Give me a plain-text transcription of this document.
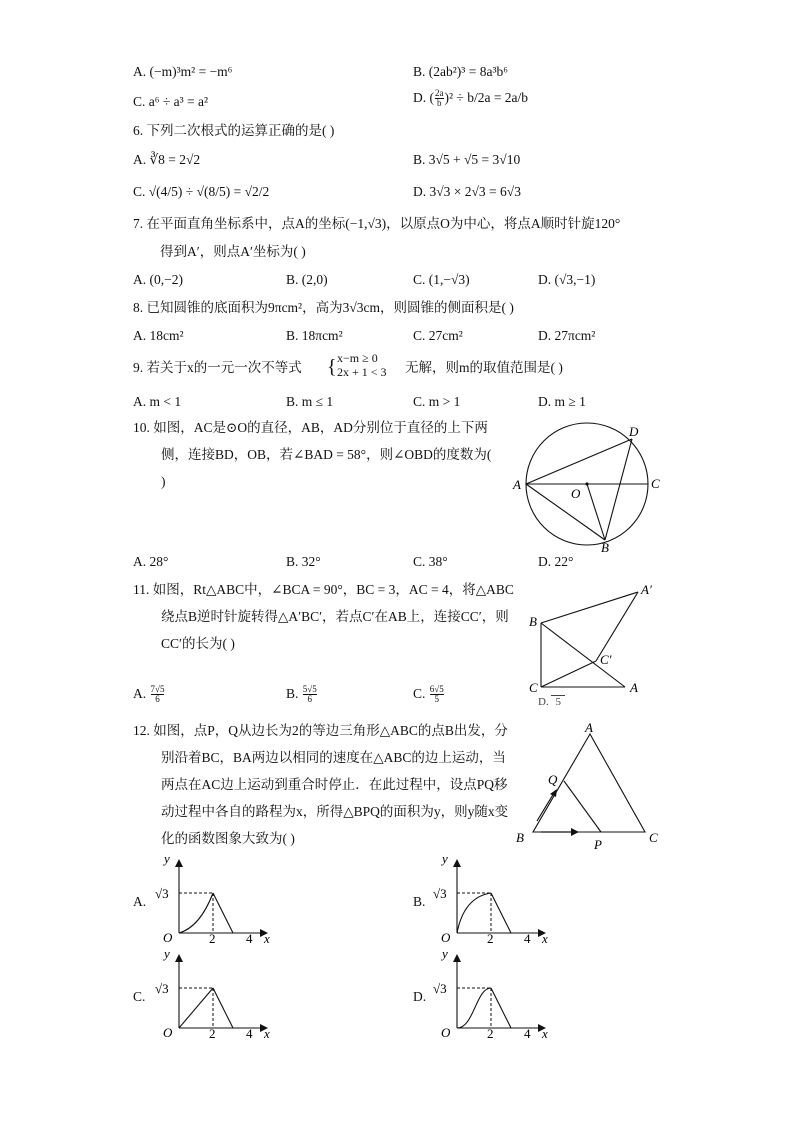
A. (−m)³m² = −m⁶	B. (2ab²)³ = 8a³b⁶
C. a⁶ ÷ a³ = a²	D. ( $\frac{2a}{b} )^2 \div b/2a = 2a/b$
6. 下列二次根式的运算正确的是( )
A. ∛8 = 2√2	B. 3√5 + √5 = 3√10
C. √(4/5) ÷ √(8/5) = √2/2	D. 3√3 × 2√3 = 6√3
7. 在平面直角坐标系中，点A的坐标(−1,√3)，以原点O为中心，将点A顺时针旋120°
得到A′，则点A′坐标为( )
A. (0,−2)	B. (2,0)	C. (1,−√3)	D. (√3,−1)
8. 已知圆锥的底面积为9πcm²，高为3√3cm，则圆锥的侧面积是( )
A. 18cm²	B. 18πcm²	C. 27cm²	D. 27πcm²
9. 若关于x的一元一次不等式 { x−m ≥ 0
2x + 1 < 3 无解，则m的取值范围是( )
A. m < 1	B. m ≤ 1	C. m > 1	D. m ≥ 1
10. 如图，AC是⊙O的直径，AB，AD分别位于直径的上下两侧，连接BD，OB，若∠BAD = 58°，则∠OBD的度数为( )	A	C
D
B
O
A. 28°	B. 32°	C. 38°	D. 22°
11. 如图，Rt△ABC中，∠BCA = 90°，BC = 3，AC = 4，将△ABC绕点B逆时针旋转得△A′BC′，若点C′在AB上，连接CC′，则CC′的长为( )
B
C	A
A′
C′
A. $\frac{7√5}{6}$	B. $\frac{5√5}{6}$	C. $\frac{6√5}{5}$	D. 5
12. 如图，点P，Q从边长为2的等边三角形△ABC的点B出发，分别沿着BC，BA两边以相同的速度在△ABC的边上运动，当两点在AC边上运动到重合时停止．在此过程中，设点PQ移动过程中各自的路程为x，所得△BPQ的面积为y，则y随x变化的函数图象大致为( )
A
B	C
P
Q
A.	B.
C.	D.
y
O	2 4 x
√3
y
O	2 4 x
√3
y
O	2 4 x
√3
y
O	2 4 x
√3
